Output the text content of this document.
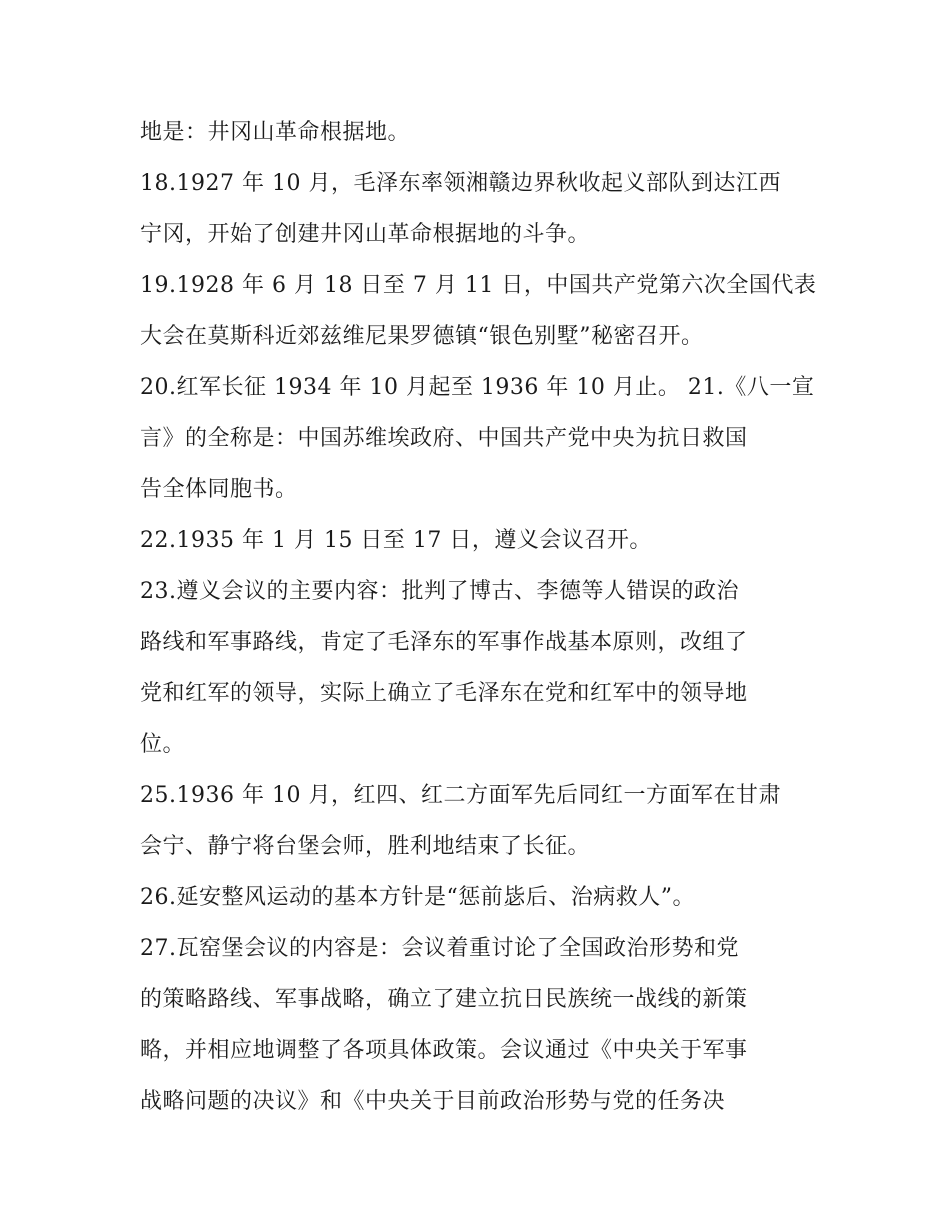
地是：井冈山革命根据地。
18.1927 年 10 月，毛泽东率领湘赣边界秋收起义部队到达江西
宁冈，开始了创建井冈山革命根据地的斗争。
19.1928 年 6 月 18 日至 7 月 11 日，中国共产党第六次全国代表
大会在莫斯科近郊兹维尼果罗德镇“银色别墅”秘密召开。
20.红军长征 1934 年 10 月起至 1936 年 10 月止。 21.《八一宣
言》的全称是：中国苏维埃政府、中国共产党中央为抗日救国
告全体同胞书。
22.1935 年 1 月 15 日至 17 日，遵义会议召开。
23.遵义会议的主要内容：批判了博古、李德等人错误的政治
路线和军事路线，肯定了毛泽东的军事作战基本原则，改组了
党和红军的领导，实际上确立了毛泽东在党和红军中的领导地
位。
25.1936 年 10 月，红四、红二方面军先后同红一方面军在甘肃
会宁、静宁将台堡会师，胜利地结束了长征。
26.延安整风运动的基本方针是“惩前毖后、治病救人”。
27.瓦窑堡会议的内容是：会议着重讨论了全国政治形势和党
的策略路线、军事战略，确立了建立抗日民族统一战线的新策
略，并相应地调整了各项具体政策。会议通过《中央关于军事
战略问题的决议》和《中央关于目前政治形势与党的任务决
